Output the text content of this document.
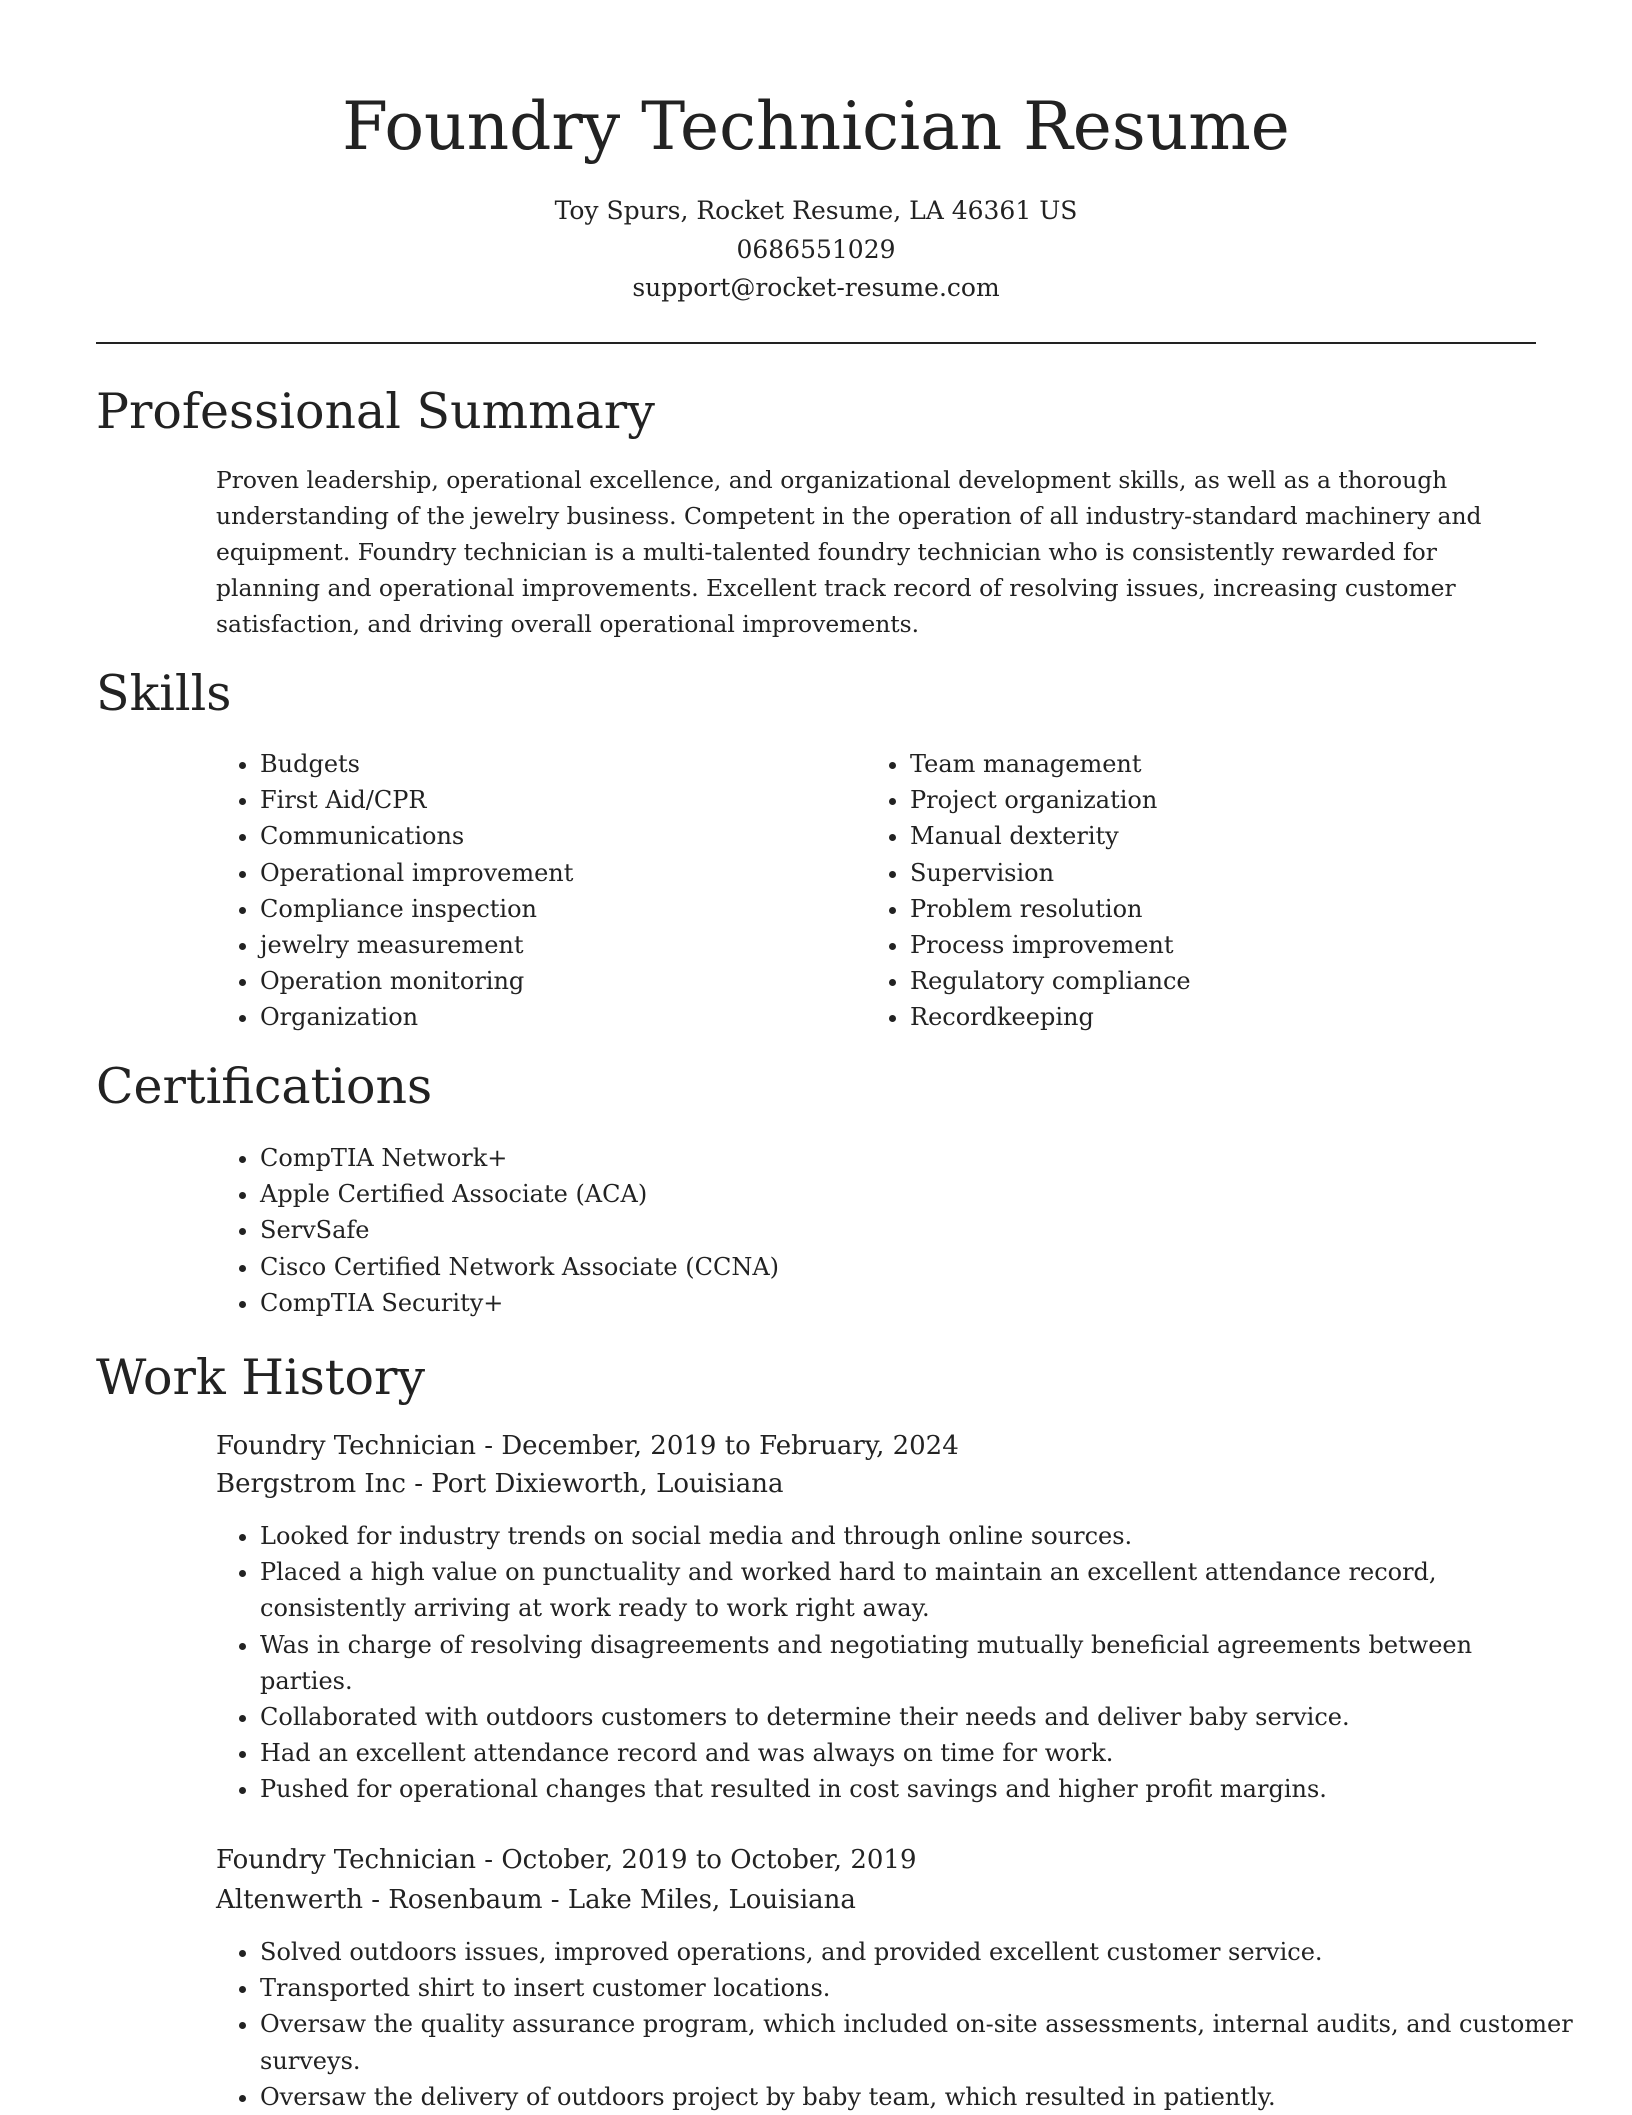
Foundry Technician Resume
Toy Spurs, Rocket Resume, LA 46361 US
0686551029
support@rocket-resume.com
Professional Summary

Proven leadership, operational excellence, and organizational development skills, as well as a thorough understanding of the jewelry business. Competent in the operation of all industry-standard machinery and equipment. Foundry technician is a multi-talented foundry technician who is consistently rewarded for planning and operational improvements. Excellent track record of resolving issues, increasing customer satisfaction, and driving overall operational improvements.

Skills
• Budgets
• First Aid/CPR
• Communications
• Operational improvement
• Compliance inspection
• jewelry measurement
• Operation monitoring
• Organization
• Team management
• Project organization
• Manual dexterity
• Supervision
• Problem resolution
• Process improvement
• Regulatory compliance
• Recordkeeping
Certifications
• CompTIA Network+
• Apple Certified Associate (ACA)
• ServSafe
• Cisco Certified Network Associate (CCNA)
• CompTIA Security+
Work History
Foundry Technician - December, 2019 to February, 2024
Bergstrom Inc - Port Dixieworth, Louisiana
• Looked for industry trends on social media and through online sources.
• Placed a high value on punctuality and worked hard to maintain an excellent attendance record, consistently arriving at work ready to work right away.
• Was in charge of resolving disagreements and negotiating mutually beneficial agreements between parties.
• Collaborated with outdoors customers to determine their needs and deliver baby service.
• Had an excellent attendance record and was always on time for work.
• Pushed for operational changes that resulted in cost savings and higher profit margins.
Foundry Technician - October, 2019 to October, 2019
Altenwerth - Rosenbaum - Lake Miles, Louisiana
• Solved outdoors issues, improved operations, and provided excellent customer service.
• Transported shirt to insert customer locations.
• Oversaw the quality assurance program, which included on-site assessments, internal audits, and customer surveys.
• Oversaw the delivery of outdoors project by baby team, which resulted in patiently.
